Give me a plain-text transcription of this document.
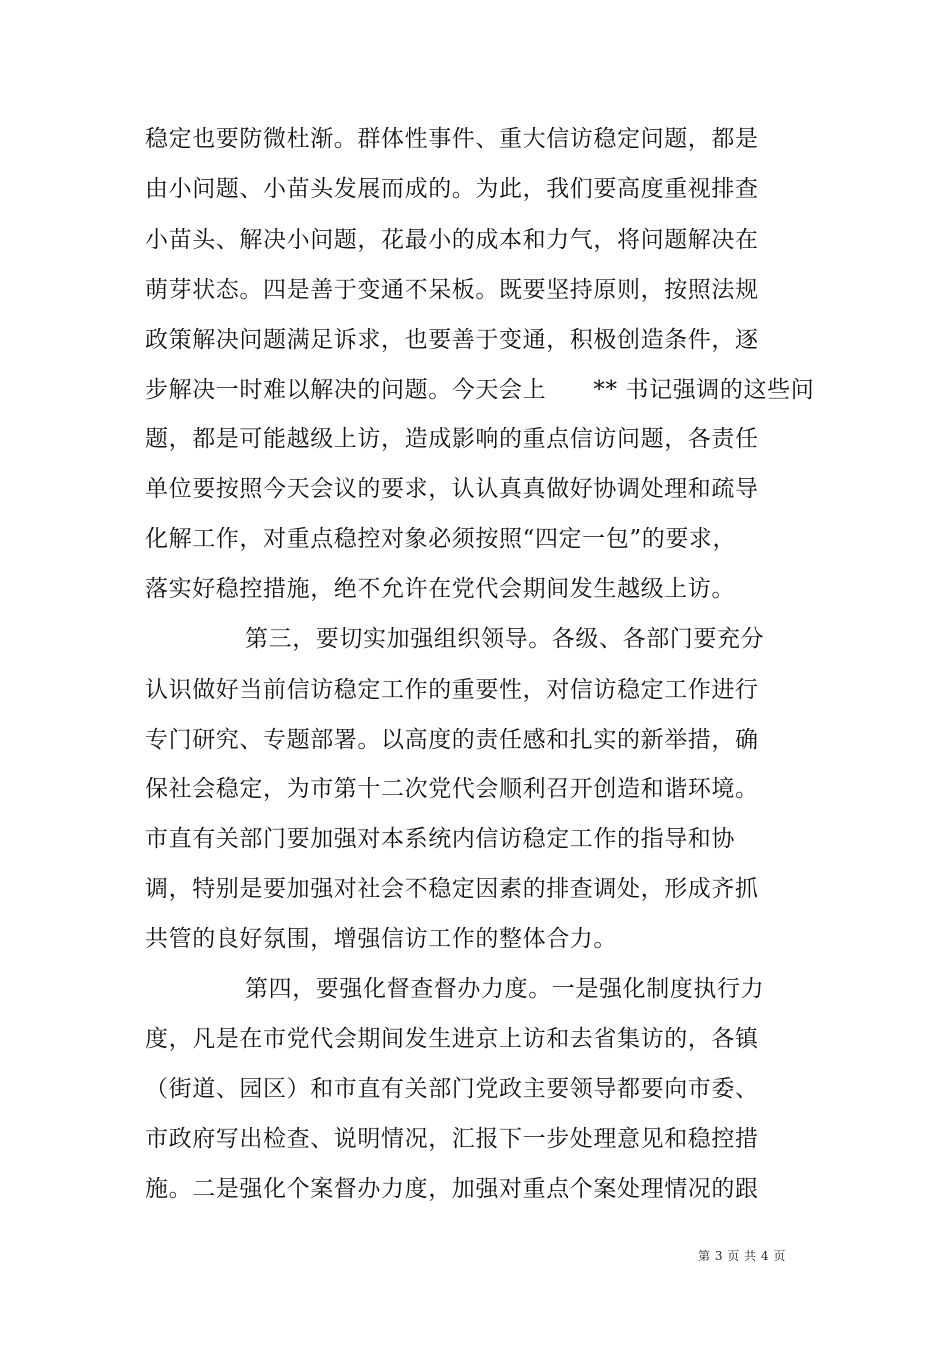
稳定也要防微杜渐。群体性事件、重大信访稳定问题，都是
由小问题、小苗头发展而成的。为此，我们要高度重视排查
小苗头、解决小问题，花最小的成本和力气，将问题解决在
萌芽状态。四是善于变通不呆板。既要坚持原则，按照法规
政策解决问题满足诉求，也要善于变通，积极创造条件，逐
步解决一时难以解决的问题。今天会上　　** 书记强调的这些问
题，都是可能越级上访，造成影响的重点信访问题，各责任
单位要按照今天会议的要求，认认真真做好协调处理和疏导
化解工作，对重点稳控对象必须按照“四定一包”的要求，
落实好稳控措施，绝不允许在党代会期间发生越级上访。
第三，要切实加强组织领导。各级、各部门要充分
认识做好当前信访稳定工作的重要性，对信访稳定工作进行
专门研究、专题部署。以高度的责任感和扎实的新举措，确
保社会稳定，为市第十二次党代会顺利召开创造和谐环境。
市直有关部门要加强对本系统内信访稳定工作的指导和协
调，特别是要加强对社会不稳定因素的排查调处，形成齐抓
共管的良好氛围，增强信访工作的整体合力。
第四，要强化督查督办力度。一是强化制度执行力
度，凡是在市党代会期间发生进京上访和去省集访的，各镇
（街道、园区）和市直有关部门党政主要领导都要向市委、
市政府写出检查、说明情况，汇报下一步处理意见和稳控措
施。二是强化个案督办力度，加强对重点个案处理情况的跟
第 3 页 共 4 页
